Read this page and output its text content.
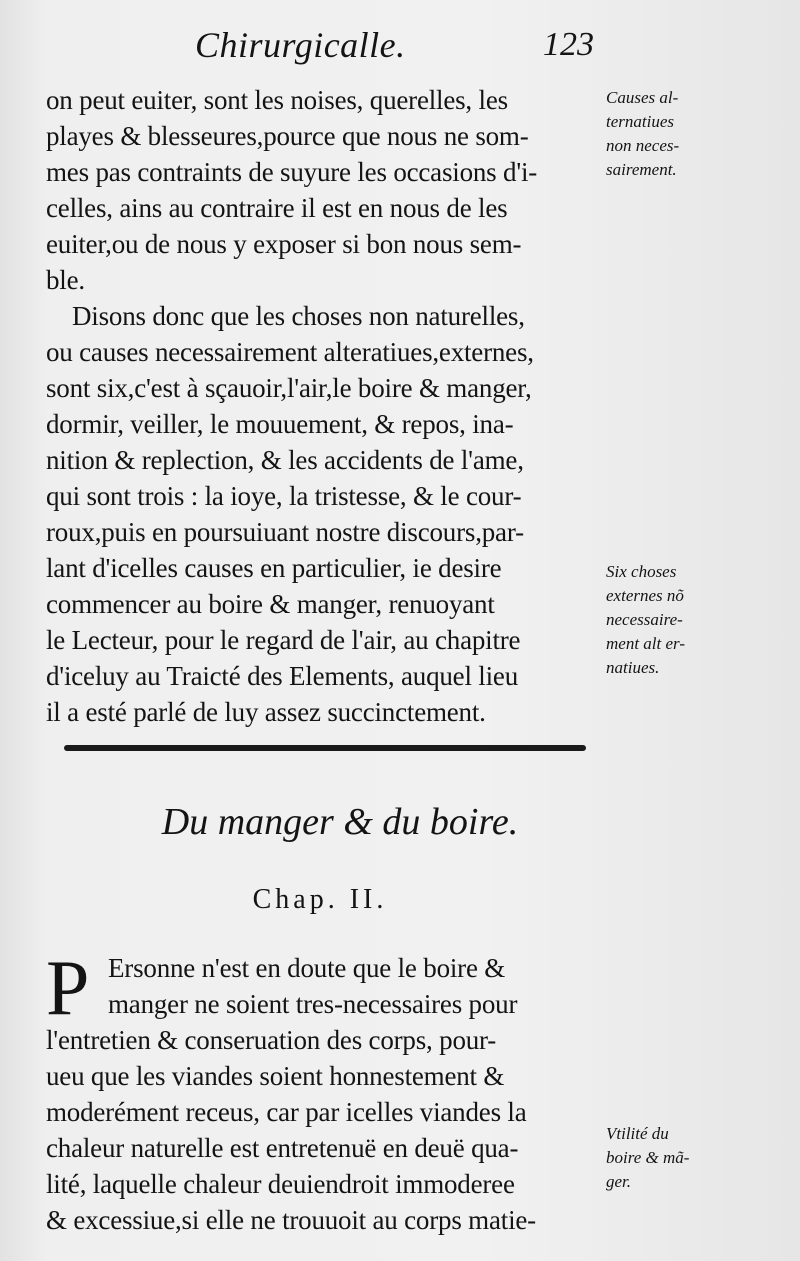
Chirurgicalle.	123
on peut euiter, sont les noises, querelles, les
playes & blesseures,pource que nous ne som-
mes pas contraints de suyure les occasions d'i-
celles, ains au contraire il est en nous de les
euiter,ou de nous y exposer si bon nous sem-
ble.
Disons donc que les choses non naturelles,
ou causes necessairement alteratiues,externes,
sont six,c'est à sçauoir,l'air,le boire & manger,
dormir, veiller, le mouuement, & repos, ina-
nition & replection, & les accidents de l'ame,
qui sont trois : la ioye, la tristesse, & le cour-
roux,puis en poursuiuant nostre discours,par-
lant d'icelles causes en particulier, ie desire
commencer au boire & manger, renuoyant
le Lecteur, pour le regard de l'air, au chapitre
d'iceluy au Traicté des Elements, auquel lieu
il a esté parlé de luy assez succinctement.
Causes al-
ternatiues
non neces-
sairement.
Six choses
externes nõ
necessaire-
ment alt er-
natiues.
Vtilité du
boire & mã-
ger.
Du manger & du boire.
Chap. II.
P Ersonne n'est en doute que le boire &
manger ne soient tres-necessaires pour
l'entretien & conseruation des corps, pour-
ueu que les viandes soient honnestement &
moderément receus, car par icelles viandes la
chaleur naturelle est entretenuë en deuë qua-
lité, laquelle chaleur deuiendroit immoderee
& excessiue,si elle ne trouuoit au corps matie-
